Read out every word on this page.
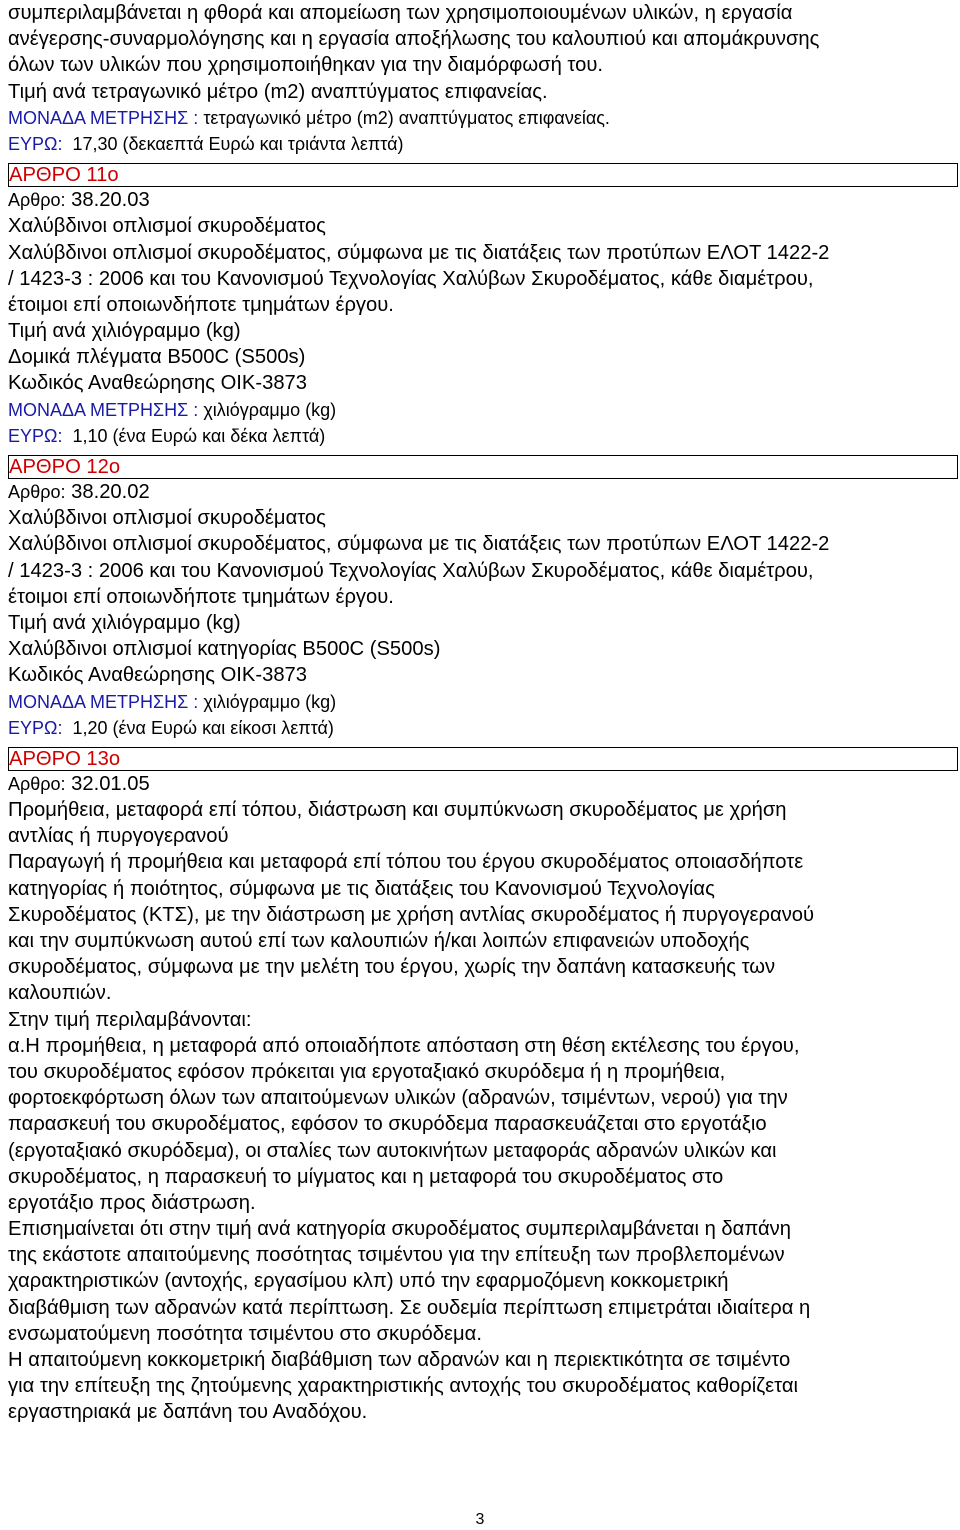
συμπεριλαμβάνεται η φθορά και απομείωση των χρησιμοποιουμένων υλικών, η εργασία
ανέγερσης-συναρμολόγησης και η εργασία αποξήλωσης του καλουπιού και απομάκρυνσης
όλων των υλικών που χρησιμοποιήθηκαν για την διαμόρφωσή του.
Τιμή ανά τετραγωνικό μέτρο (m2) αναπτύγματος επιφανείας.
ΜΟΝΑΔΑ ΜΕΤΡΗΣΗΣ : τετραγωνικό μέτρο (m2) αναπτύγματος επιφανείας.
ΕΥΡΩ: 17,30 (δεκαεπτά Ευρώ και τριάντα λεπτά)
ΑΡΘΡΟ 11ο
Αρθρο: 38.20.03
Χαλύβδινοι οπλισμοί σκυροδέματος
Χαλύβδινοι οπλισμοί σκυροδέματος, σύμφωνα με τις διατάξεις των προτύπων ΕΛΟΤ 1422-2
/ 1423-3 : 2006 και του Κανονισμού Τεχνολογίας Χαλύβων Σκυροδέματος, κάθε διαμέτρου,
έτοιμοι επί οποιωνδήποτε τμημάτων έργου.
Τιμή ανά χιλιόγραμμο (kg)
Δομικά πλέγματα B500C (S500s)
Κωδικός Αναθεώρησης ΟΙΚ-3873
ΜΟΝΑΔΑ ΜΕΤΡΗΣΗΣ : χιλιόγραμμο (kg)
ΕΥΡΩ: 1,10 (ένα Ευρώ και δέκα λεπτά)
ΑΡΘΡΟ 12ο
Αρθρο: 38.20.02
Χαλύβδινοι οπλισμοί σκυροδέματος
Χαλύβδινοι οπλισμοί σκυροδέματος, σύμφωνα με τις διατάξεις των προτύπων ΕΛΟΤ 1422-2
/ 1423-3 : 2006 και του Κανονισμού Τεχνολογίας Χαλύβων Σκυροδέματος, κάθε διαμέτρου,
έτοιμοι επί οποιωνδήποτε τμημάτων έργου.
Τιμή ανά χιλιόγραμμο (kg)
Χαλύβδινοι οπλισμοί κατηγορίας B500C (S500s)
Κωδικός Αναθεώρησης ΟΙΚ-3873
ΜΟΝΑΔΑ ΜΕΤΡΗΣΗΣ : χιλιόγραμμο (kg)
ΕΥΡΩ: 1,20 (ένα Ευρώ και είκοσι λεπτά)
ΑΡΘΡΟ 13ο
Αρθρο: 32.01.05
Προμήθεια, μεταφορά επί τόπου, διάστρωση και συμπύκνωση σκυροδέματος με χρήση
αντλίας ή πυργογερανού
Παραγωγή ή προμήθεια και μεταφορά επί τόπου του έργου σκυροδέματος οποιασδήποτε
κατηγορίας ή ποιότητος, σύμφωνα με τις διατάξεις του Κανονισμού Τεχνολογίας
Σκυροδέματος (ΚΤΣ), με την διάστρωση με χρήση αντλίας σκυροδέματος ή πυργογερανού
και την συμπύκνωση αυτού επί των καλουπιών ή/και λοιπών επιφανειών υποδοχής
σκυροδέματος, σύμφωνα με την μελέτη του έργου, χωρίς την δαπάνη κατασκευής των
καλουπιών.
Στην τιμή περιλαμβάνονται:
α.Η προμήθεια, η μεταφορά από οποιαδήποτε απόσταση στη θέση εκτέλεσης του έργου,
του σκυροδέματος εφόσον πρόκειται για εργοταξιακό σκυρόδεμα ή η προμήθεια,
φορτοεκφόρτωση όλων των απαιτούμενων υλικών (αδρανών, τσιμέντων, νερού) για την
παρασκευή του σκυροδέματος, εφόσον το σκυρόδεμα παρασκευάζεται στο εργοτάξιο
(εργοταξιακό σκυρόδεμα), οι σταλίες των αυτοκινήτων μεταφοράς αδρανών υλικών και
σκυροδέματος, η παρασκευή το μίγματος και η μεταφορά του σκυροδέματος στο
εργοτάξιο προς διάστρωση.
Επισημαίνεται ότι στην τιμή ανά κατηγορία σκυροδέματος συμπεριλαμβάνεται η δαπάνη
της εκάστοτε απαιτούμενης ποσότητας τσιμέντου για την επίτευξη των προβλεπομένων
χαρακτηριστικών (αντοχής, εργασίμου κλπ) υπό την εφαρμοζόμενη κοκκομετρική
διαβάθμιση των αδρανών κατά περίπτωση. Σε ουδεμία περίπτωση επιμετράται ιδιαίτερα η
ενσωματούμενη ποσότητα τσιμέντου στο σκυρόδεμα.
Η απαιτούμενη κοκκομετρική διαβάθμιση των αδρανών και η περιεκτικότητα σε τσιμέντο
για την επίτευξη της ζητούμενης χαρακτηριστικής αντοχής του σκυροδέματος καθορίζεται
εργαστηριακά με δαπάνη του Αναδόχου.
3
